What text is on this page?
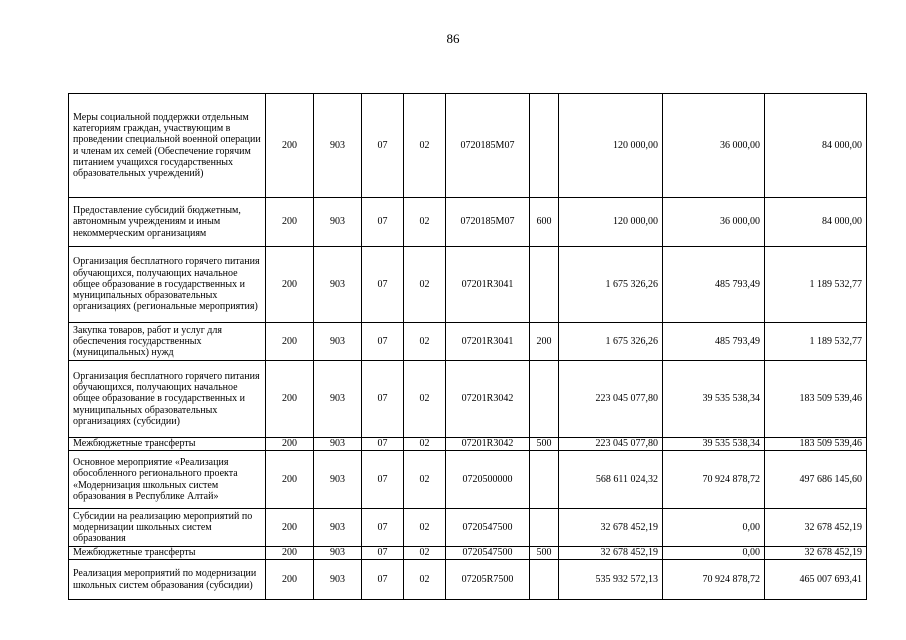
86
Меры социальной поддержки отдельным категориям граждан, участвующим в проведении специальной военной операции и членам их семей (Обеспечение горячим питанием учащихся государственных образовательных учреждений)	200	903	07	02	0720185М07		120 000,00	36 000,00	84 000,00
Предоставление субсидий бюджетным, автономным учреждениям и иным некоммерческим организациям	200	903	07	02	0720185М07	600	120 000,00	36 000,00	84 000,00
Организация бесплатного горячего питания обучающихся, получающих начальное общее образование в государственных и муниципальных образовательных организациях (региональные мероприятия)	200	903	07	02	07201R3041		1 675 326,26	485 793,49	1 189 532,77
Закупка товаров, работ и услуг для обеспечения государственных (муниципальных) нужд	200	903	07	02	07201R3041	200	1 675 326,26	485 793,49	1 189 532,77
Организация бесплатного горячего питания обучающихся, получающих начальное общее образование в государственных и муниципальных образовательных организациях (субсидии)	200	903	07	02	07201R3042		223 045 077,80	39 535 538,34	183 509 539,46
Межбюджетные трансферты	200	903	07	02	07201R3042	500	223 045 077,80	39 535 538,34	183 509 539,46
Основное мероприятие «Реализация обособленного регионального проекта «Модернизация школьных систем образования в Республике Алтай»	200	903	07	02	0720500000		568 611 024,32	70 924 878,72	497 686 145,60
Субсидии на реализацию мероприятий по модернизации школьных систем образования	200	903	07	02	0720547500		32 678 452,19	0,00	32 678 452,19
Межбюджетные трансферты	200	903	07	02	0720547500	500	32 678 452,19	0,00	32 678 452,19
Реализация мероприятий по модернизации школьных систем образования (субсидии)	200	903	07	02	07205R7500		535 932 572,13	70 924 878,72	465 007 693,41
